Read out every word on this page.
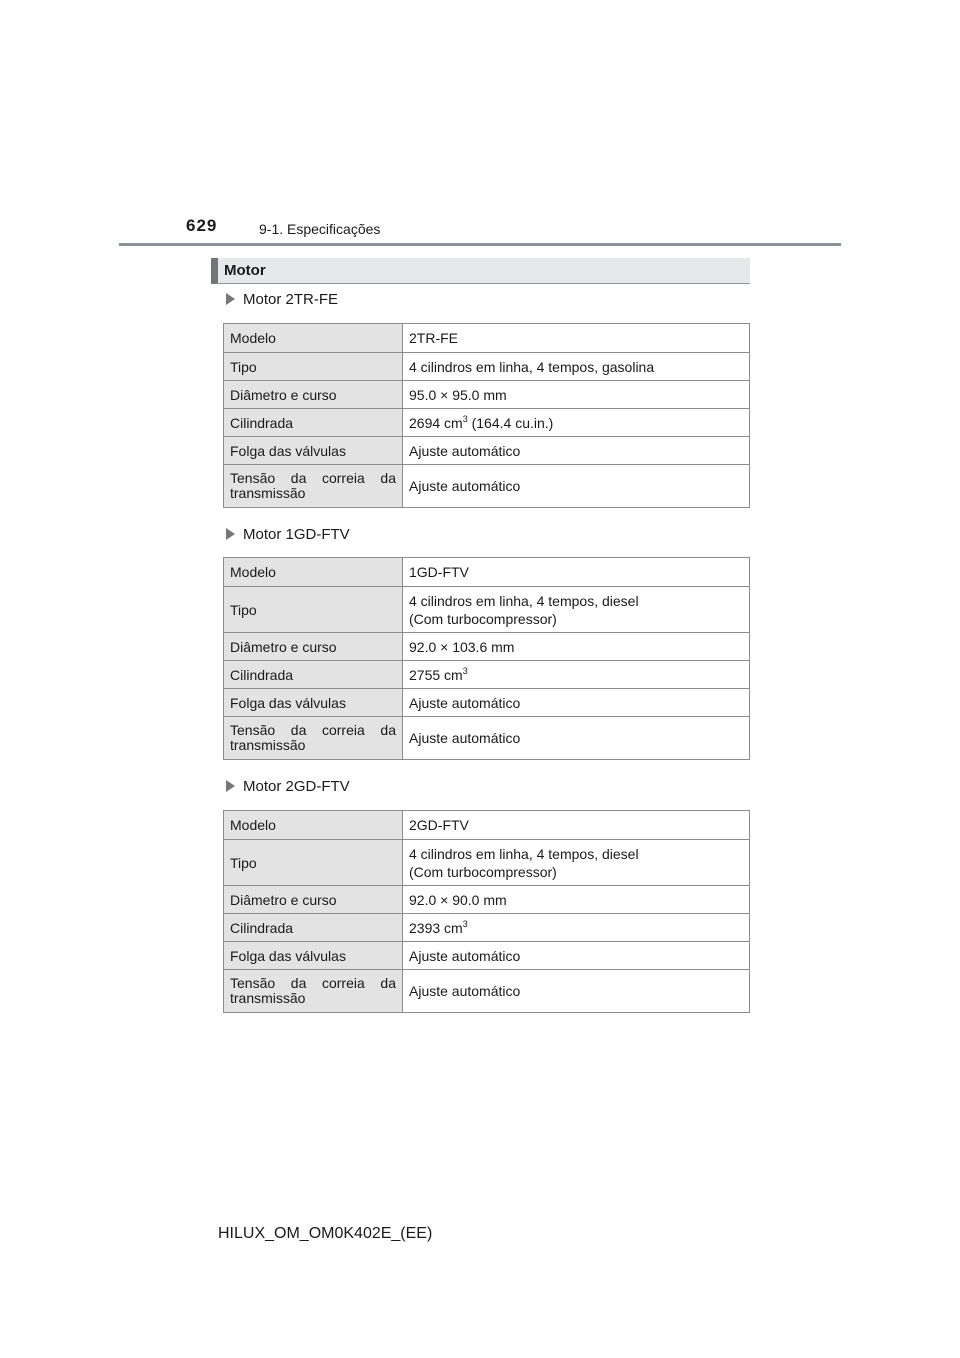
629	9-1. Especificações
Motor
Motor 2TR-FE
Modelo	2TR-FE
Tipo	4 cilindros em linha, 4 tempos, gasolina
Diâmetro e curso	95.0 × 95.0 mm
Cilindrada	2694 $cm^3$ (164.4 cu.in.)
Folga das válvulas	Ajuste automático
Tensão da correia da transmissão	Ajuste automático
Motor 1GD-FTV
Modelo	1GD-FTV
Tipo	4 cilindros em linha, 4 tempos, diesel
(Com turbocompressor)

Diâmetro e curso	92.0 × 103.6 mm
Cilindrada	2755 $cm^3$
Folga das válvulas	Ajuste automático
Tensão da correia da transmissão	Ajuste automático
Motor 2GD-FTV
Modelo	2GD-FTV
Tipo	4 cilindros em linha, 4 tempos, diesel
(Com turbocompressor)

Diâmetro e curso	92.0 × 90.0 mm
Cilindrada	2393 $cm^3$
Folga das válvulas	Ajuste automático
Tensão da correia da transmissão	Ajuste automático
HILUX_OM_OM0K402E_(EE)
